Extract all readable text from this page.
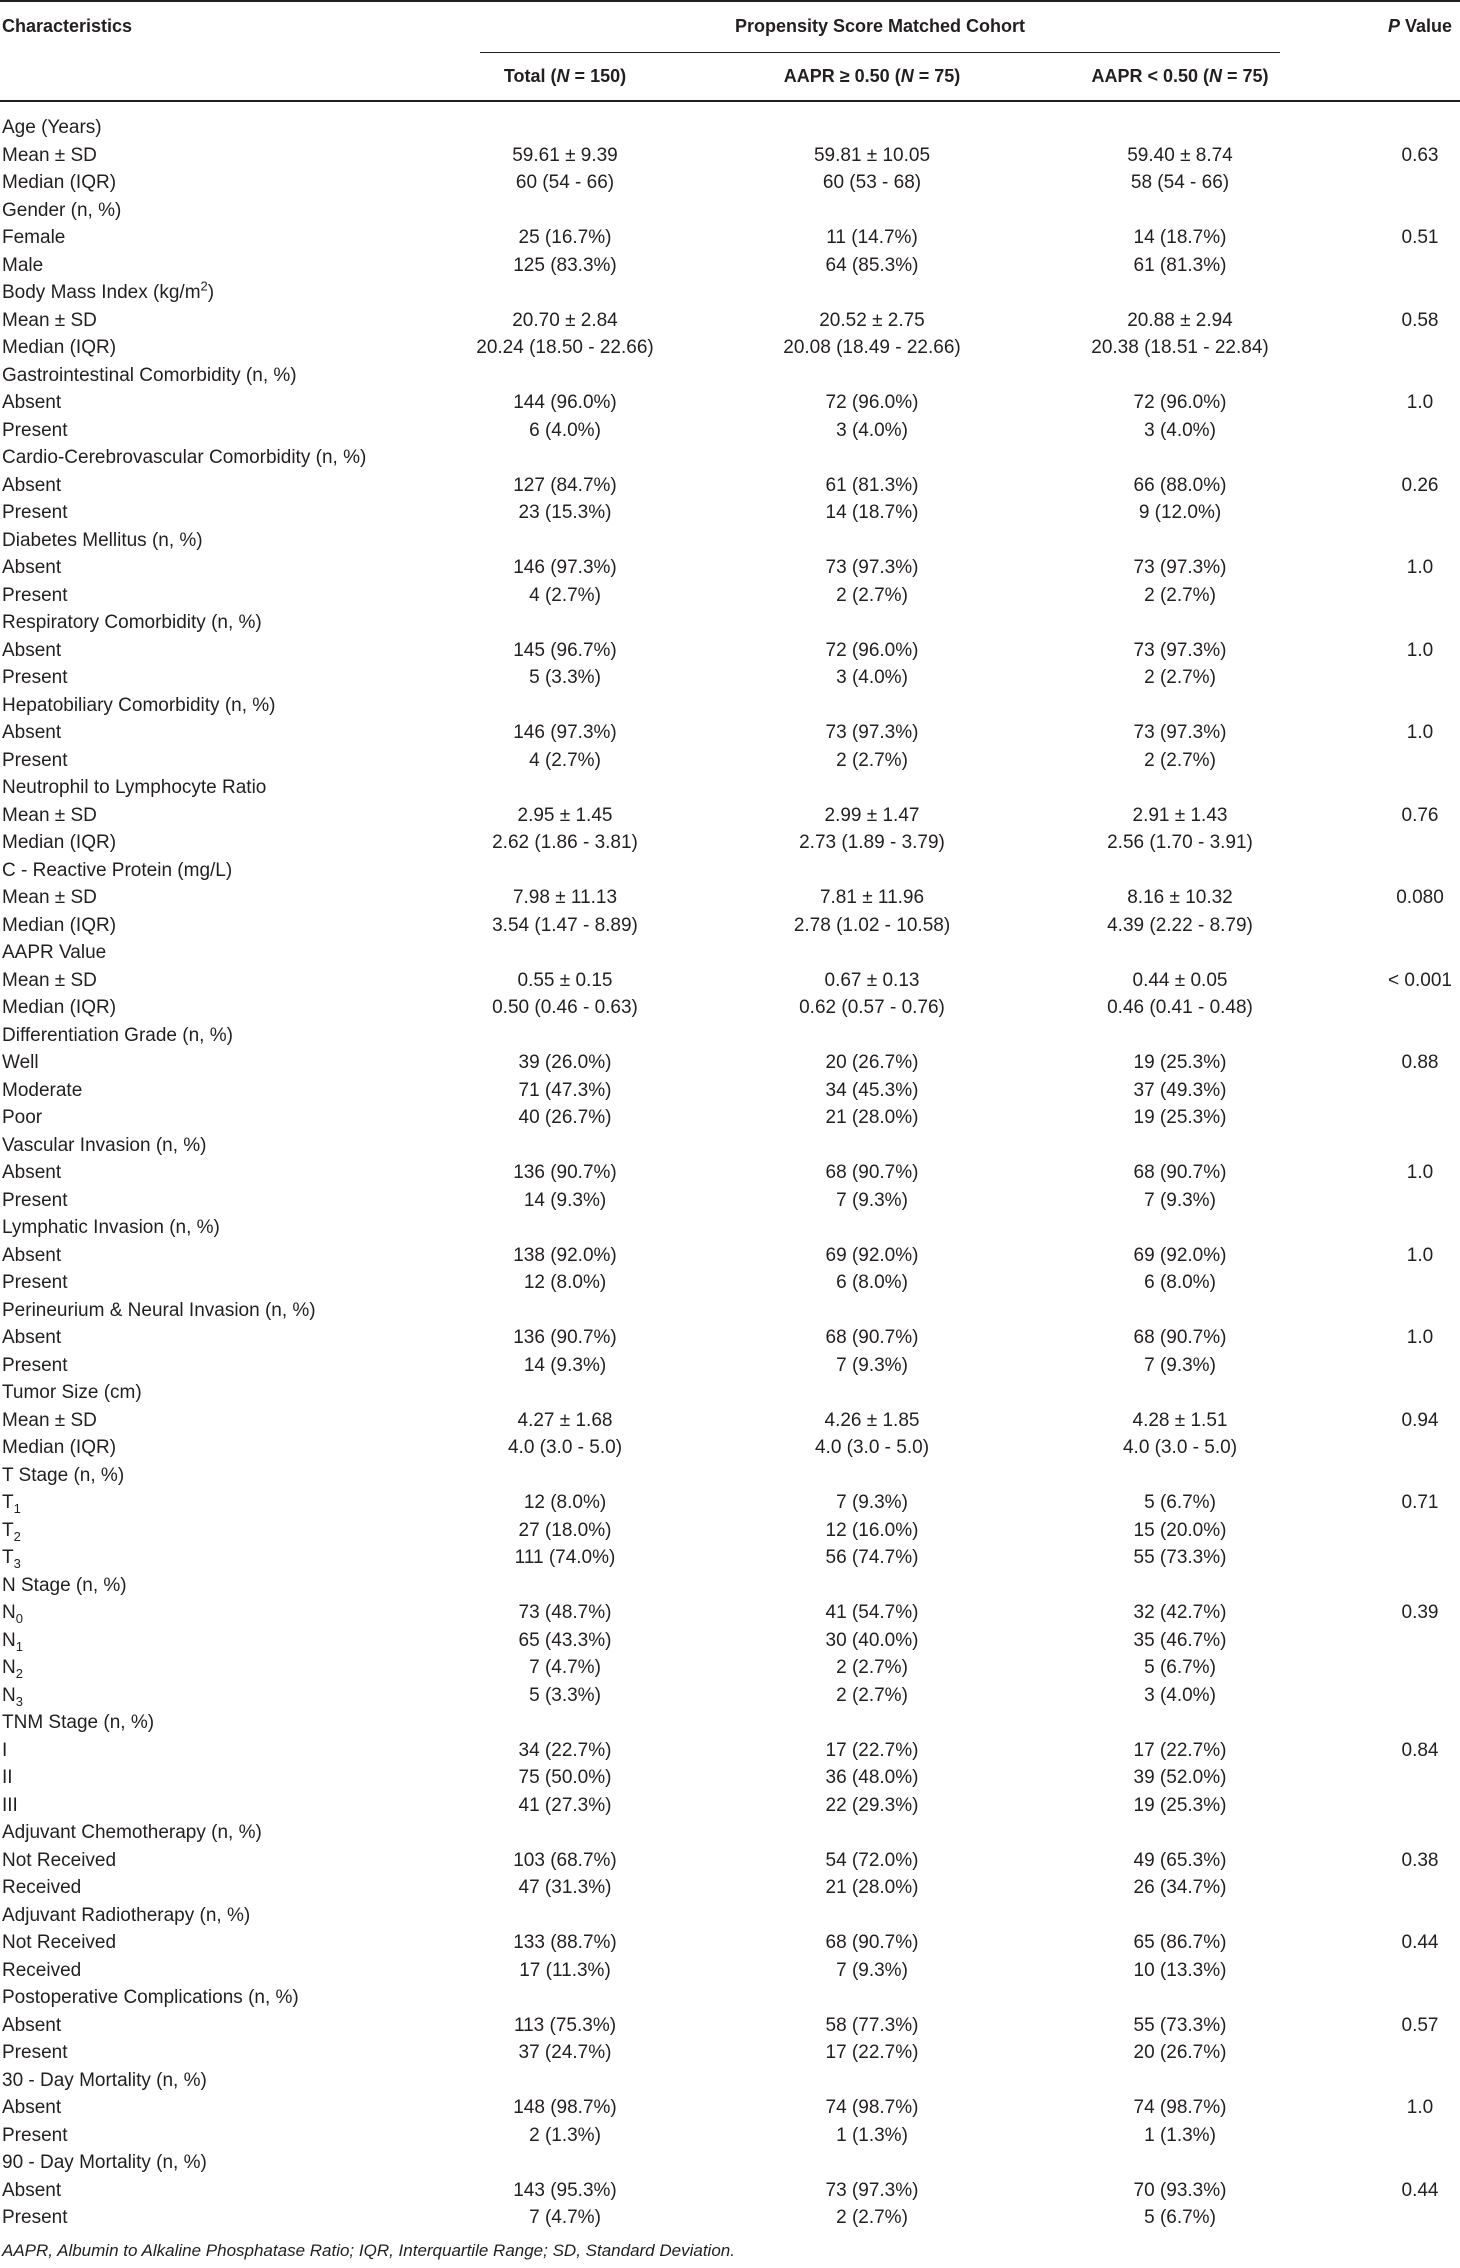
Characteristics	Propensity Score Matched Cohort	P Value
Total (N = 150)	AAPR ≥ 0.50 (N = 75)	AAPR < 0.50 (N = 75)
Age (Years)
Mean ± SD	59.61 ± 9.39	59.81 ± 10.05	59.40 ± 8.74	0.63
Median (IQR)	60 (54 - 66)	60 (53 - 68)	58 (54 - 66)
Gender (n, %)
Female	25 (16.7%)	11 (14.7%)	14 (18.7%)	0.51
Male	125 (83.3%)	64 (85.3%)	61 (81.3%)
Body Mass Index $(kg/m^2)$
Mean ± SD	20.70 ± 2.84	20.52 ± 2.75	20.88 ± 2.94	0.58
Median (IQR)	20.24 (18.50 - 22.66)	20.08 (18.49 - 22.66)	20.38 (18.51 - 22.84)
Gastrointestinal Comorbidity (n, %)
Absent	144 (96.0%)	72 (96.0%)	72 (96.0%)	1.0
Present	6 (4.0%)	3 (4.0%)	3 (4.0%)
Cardio-Cerebrovascular Comorbidity (n, %)
Absent	127 (84.7%)	61 (81.3%)	66 (88.0%)	0.26
Present	23 (15.3%)	14 (18.7%)	9 (12.0%)
Diabetes Mellitus (n, %)
Absent	146 (97.3%)	73 (97.3%)	73 (97.3%)	1.0
Present	4 (2.7%)	2 (2.7%)	2 (2.7%)
Respiratory Comorbidity (n, %)
Absent	145 (96.7%)	72 (96.0%)	73 (97.3%)	1.0
Present	5 (3.3%)	3 (4.0%)	2 (2.7%)
Hepatobiliary Comorbidity (n, %)
Absent	146 (97.3%)	73 (97.3%)	73 (97.3%)	1.0
Present	4 (2.7%)	2 (2.7%)	2 (2.7%)
Neutrophil to Lymphocyte Ratio
Mean ± SD	2.95 ± 1.45	2.99 ± 1.47	2.91 ± 1.43	0.76
Median (IQR)	2.62 (1.86 - 3.81)	2.73 (1.89 - 3.79)	2.56 (1.70 - 3.91)
C - Reactive Protein (mg/L)
Mean ± SD	7.98 ± 11.13	7.81 ± 11.96	8.16 ± 10.32	0.080
Median (IQR)	3.54 (1.47 - 8.89)	2.78 (1.02 - 10.58)	4.39 (2.22 - 8.79)
AAPR Value
Mean ± SD	0.55 ± 0.15	0.67 ± 0.13	0.44 ± 0.05	< 0.001
Median (IQR)	0.50 (0.46 - 0.63)	0.62 (0.57 - 0.76)	0.46 (0.41 - 0.48)
Differentiation Grade (n, %)
Well	39 (26.0%)	20 (26.7%)	19 (25.3%)	0.88
Moderate	71 (47.3%)	34 (45.3%)	37 (49.3%)
Poor	40 (26.7%)	21 (28.0%)	19 (25.3%)
Vascular Invasion (n, %)
Absent	136 (90.7%)	68 (90.7%)	68 (90.7%)	1.0
Present	14 (9.3%)	7 (9.3%)	7 (9.3%)
Lymphatic Invasion (n, %)
Absent	138 (92.0%)	69 (92.0%)	69 (92.0%)	1.0
Present	12 (8.0%)	6 (8.0%)	6 (8.0%)
Perineurium & Neural Invasion (n, %)
Absent	136 (90.7%)	68 (90.7%)	68 (90.7%)	1.0
Present	14 (9.3%)	7 (9.3%)	7 (9.3%)
Tumor Size (cm)
Mean ± SD	4.27 ± 1.68	4.26 ± 1.85	4.28 ± 1.51	0.94
Median (IQR)	4.0 (3.0 - 5.0)	4.0 (3.0 - 5.0)	4.0 (3.0 - 5.0)
T Stage (n, %)
$T_1$	12 (8.0%)	7 (9.3%)	5 (6.7%)	0.71
$T_2$	27 (18.0%)	12 (16.0%)	15 (20.0%)
$T_3$	111 (74.0%)	56 (74.7%)	55 (73.3%)
N Stage (n, %)
$N_0$	73 (48.7%)	41 (54.7%)	32 (42.7%)	0.39
$N_1$	65 (43.3%)	30 (40.0%)	35 (46.7%)
$N_2$	7 (4.7%)	2 (2.7%)	5 (6.7%)
$N_3$	5 (3.3%)	2 (2.7%)	3 (4.0%)
TNM Stage (n, %)
I	34 (22.7%)	17 (22.7%)	17 (22.7%)	0.84
II	75 (50.0%)	36 (48.0%)	39 (52.0%)
III	41 (27.3%)	22 (29.3%)	19 (25.3%)
Adjuvant Chemotherapy (n, %)
Not Received	103 (68.7%)	54 (72.0%)	49 (65.3%)	0.38
Received	47 (31.3%)	21 (28.0%)	26 (34.7%)
Adjuvant Radiotherapy (n, %)
Not Received	133 (88.7%)	68 (90.7%)	65 (86.7%)	0.44
Received	17 (11.3%)	7 (9.3%)	10 (13.3%)
Postoperative Complications (n, %)
Absent	113 (75.3%)	58 (77.3%)	55 (73.3%)	0.57
Present	37 (24.7%)	17 (22.7%)	20 (26.7%)
30 - Day Mortality (n, %)
Absent	148 (98.7%)	74 (98.7%)	74 (98.7%)	1.0
Present	2 (1.3%)	1 (1.3%)	1 (1.3%)
90 - Day Mortality (n, %)
Absent	143 (95.3%)	73 (97.3%)	70 (93.3%)	0.44
Present	7 (4.7%)	2 (2.7%)	5 (6.7%)
AAPR, Albumin to Alkaline Phosphatase Ratio; IQR, Interquartile Range; SD, Standard Deviation.
